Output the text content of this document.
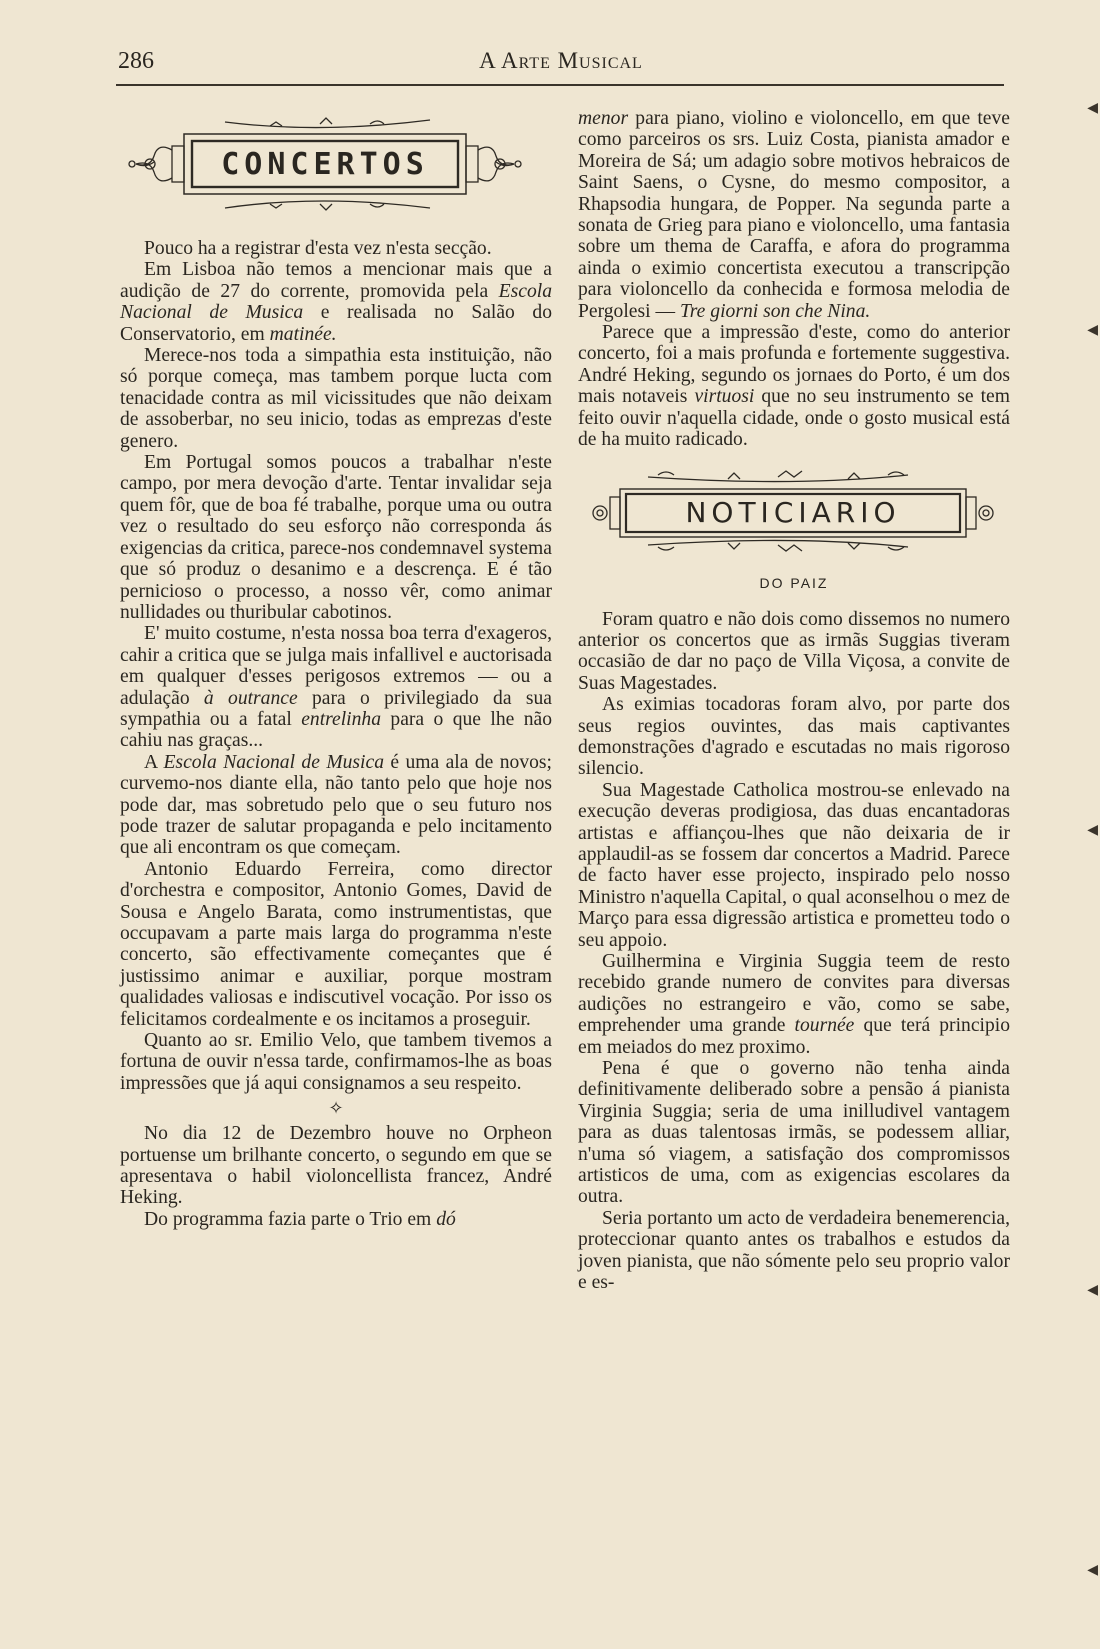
286	A Arte Musical
CONCERTOS

Pouco ha a registrar d'esta vez n'esta secção.

Em Lisboa não temos a mencionar mais que a audição de 27 do corrente, promovida pela Escola Nacional de Musica e realisada no Salão do Conservatorio, em matinée.

Merece-nos toda a simpathia esta instituição, não só porque começa, mas tambem porque lucta com tenacidade contra as mil vicissitudes que não deixam de assoberbar, no seu inicio, todas as emprezas d'este genero.

Em Portugal somos poucos a trabalhar n'este campo, por mera devoção d'arte. Tentar invalidar seja quem fôr, que de boa fé trabalhe, porque uma ou outra vez o resultado do seu esforço não corresponda ás exigencias da critica, parece-nos condemnavel systema que só produz o desanimo e a descrença. E é tão pernicioso o processo, a nosso vêr, como animar nullidades ou thuribular cabotinos.

E' muito costume, n'esta nossa boa terra d'exageros, cahir a critica que se julga mais infallivel e auctorisada em qualquer d'esses perigosos extremos — ou a adulação à outrance para o privilegiado da sua sympathia ou a fatal entrelinha para o que lhe não cahiu nas graças...

A Escola Nacional de Musica é uma ala de novos; curvemo-nos diante ella, não tanto pelo que hoje nos pode dar, mas sobretudo pelo que o seu futuro nos pode trazer de salutar propaganda e pelo incitamento que ali encontram os que começam.

Antonio Eduardo Ferreira, como director d'orchestra e compositor, Antonio Gomes, David de Sousa e Angelo Barata, como instrumentistas, que occupavam a parte mais larga do programma n'este concerto, são effectivamente começantes que é justissimo animar e auxiliar, porque mostram qualidades valiosas e indiscutivel vocação. Por isso os felicitamos cordealmente e os incitamos a proseguir.

Quanto ao sr. Emilio Velo, que tambem tivemos a fortuna de ouvir n'essa tarde, confirmamos-lhe as boas impressões que já aqui consignamos a seu respeito.

✧

No dia 12 de Dezembro houve no Orpheon portuense um brilhante concerto, o segundo em que se apresentava o habil violoncellista francez, André Heking.

Do programma fazia parte o Trio em dó

menor para piano, violino e violoncello, em que teve como parceiros os srs. Luiz Costa, pianista amador e Moreira de Sá; um adagio sobre motivos hebraicos de Saint Saens, o Cysne, do mesmo compositor, a Rhapsodia hungara, de Popper. Na segunda parte a sonata de Grieg para piano e violoncello, uma fantasia sobre um thema de Caraffa, e afora do programma ainda o eximio concertista executou a transcripção para violoncello da conhecida e formosa melodia de Pergolesi — Tre giorni son che Nina.

Parece que a impressão d'este, como do anterior concerto, foi a mais profunda e fortemente suggestiva. André Heking, segundo os jornaes do Porto, é um dos mais notaveis virtuosi que no seu instrumento se tem feito ouvir n'aquella cidade, onde o gosto musical está de ha muito radicado.

NOTICIARIO
DO PAIZ

Foram quatro e não dois como dissemos no numero anterior os concertos que as irmãs Suggias tiveram occasião de dar no paço de Villa Viçosa, a convite de Suas Magestades.

As eximias tocadoras foram alvo, por parte dos seus regios ouvintes, das mais captivantes demonstrações d'agrado e escutadas no mais rigoroso silencio.

Sua Magestade Catholica mostrou-se enlevado na execução deveras prodigiosa, das duas encantadoras artistas e affiançou-lhes que não deixaria de ir applaudil-as se fossem dar concertos a Madrid. Parece de facto haver esse projecto, inspirado pelo nosso Ministro n'aquella Capital, o qual aconselhou o mez de Março para essa digressão artistica e prometteu todo o seu appoio.

Guilhermina e Virginia Suggia teem de resto recebido grande numero de convites para diversas audições no estrangeiro e vão, como se sabe, emprehender uma grande tournée que terá principio em meiados do mez proximo.

Pena é que o governo não tenha ainda definitivamente deliberado sobre a pensão á pianista Virginia Suggia; seria de uma inilludivel vantagem para as duas talentosas irmãs, se podessem alliar, n'uma só viagem, a satisfação dos compromissos artisticos de uma, com as exigencias escolares da outra.

Seria portanto um acto de verdadeira benemerencia, proteccionar quanto antes os trabalhos e estudos da joven pianista, que não sómente pelo seu proprio valor e es-

◀
◀
◀
◀
◀
